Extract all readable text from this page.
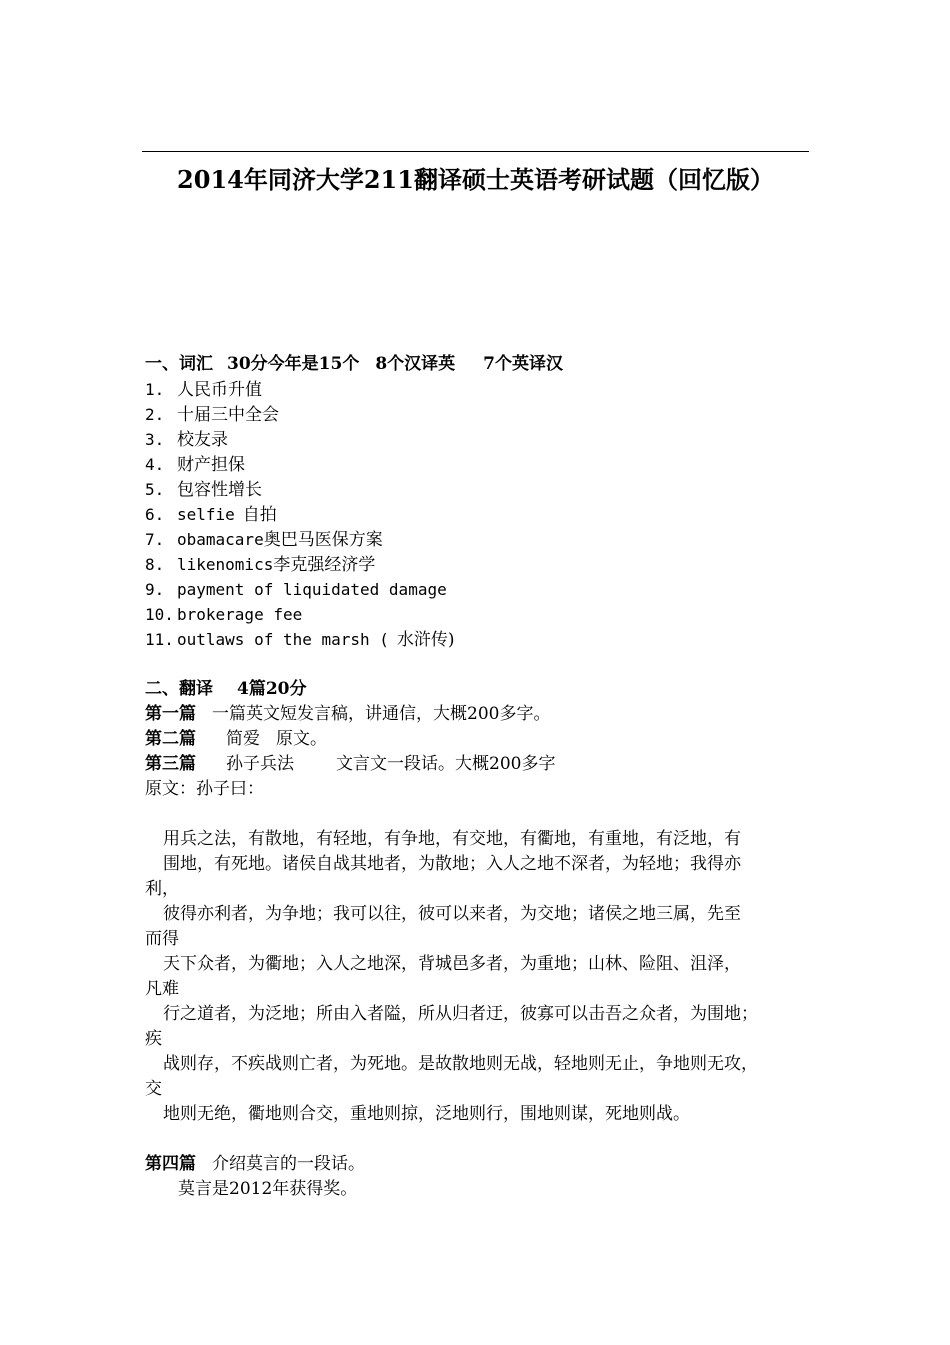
2014年同济大学211翻译硕士英语考研试题（回忆版）
一、词汇 30分今年是15个 8个汉译英 7个英译汉
1. 人民币升值
2. 十届三中全会
3. 校友录
4. 财产担保
5. 包容性增长
6. selfie 自拍
7. obamacare奥巴马医保方案
8. likenomics李克强经济学
9. payment of liquidated damage
10. brokerage fee
11. outlaws of the marsh ( 水浒传)
二、翻译 4篇20分
第一篇 一篇英文短发言稿，讲通信，大概200多字。
第二篇 简爱 原文。
第三篇 孙子兵法 文言文一段话。大概200多字
原文：孙子曰：
用兵之法，有散地，有轻地，有争地，有交地，有衢地，有重地，有泛地，有
围地，有死地。诸侯自战其地者，为散地；入人之地不深者，为轻地；我得亦
利，
彼得亦利者，为争地；我可以往，彼可以来者，为交地；诸侯之地三属，先至
而得
天下众者，为衢地；入人之地深，背城邑多者，为重地；山林、险阻、沮泽，
凡难
行之道者，为泛地；所由入者隘，所从归者迂，彼寡可以击吾之众者，为围地；
疾
战则存，不疾战则亡者，为死地。是故散地则无战，轻地则无止，争地则无攻，
交
地则无绝，衢地则合交，重地则掠，泛地则行，围地则谋，死地则战。
第四篇 介绍莫言的一段话。
莫言是2012年获得奖。
